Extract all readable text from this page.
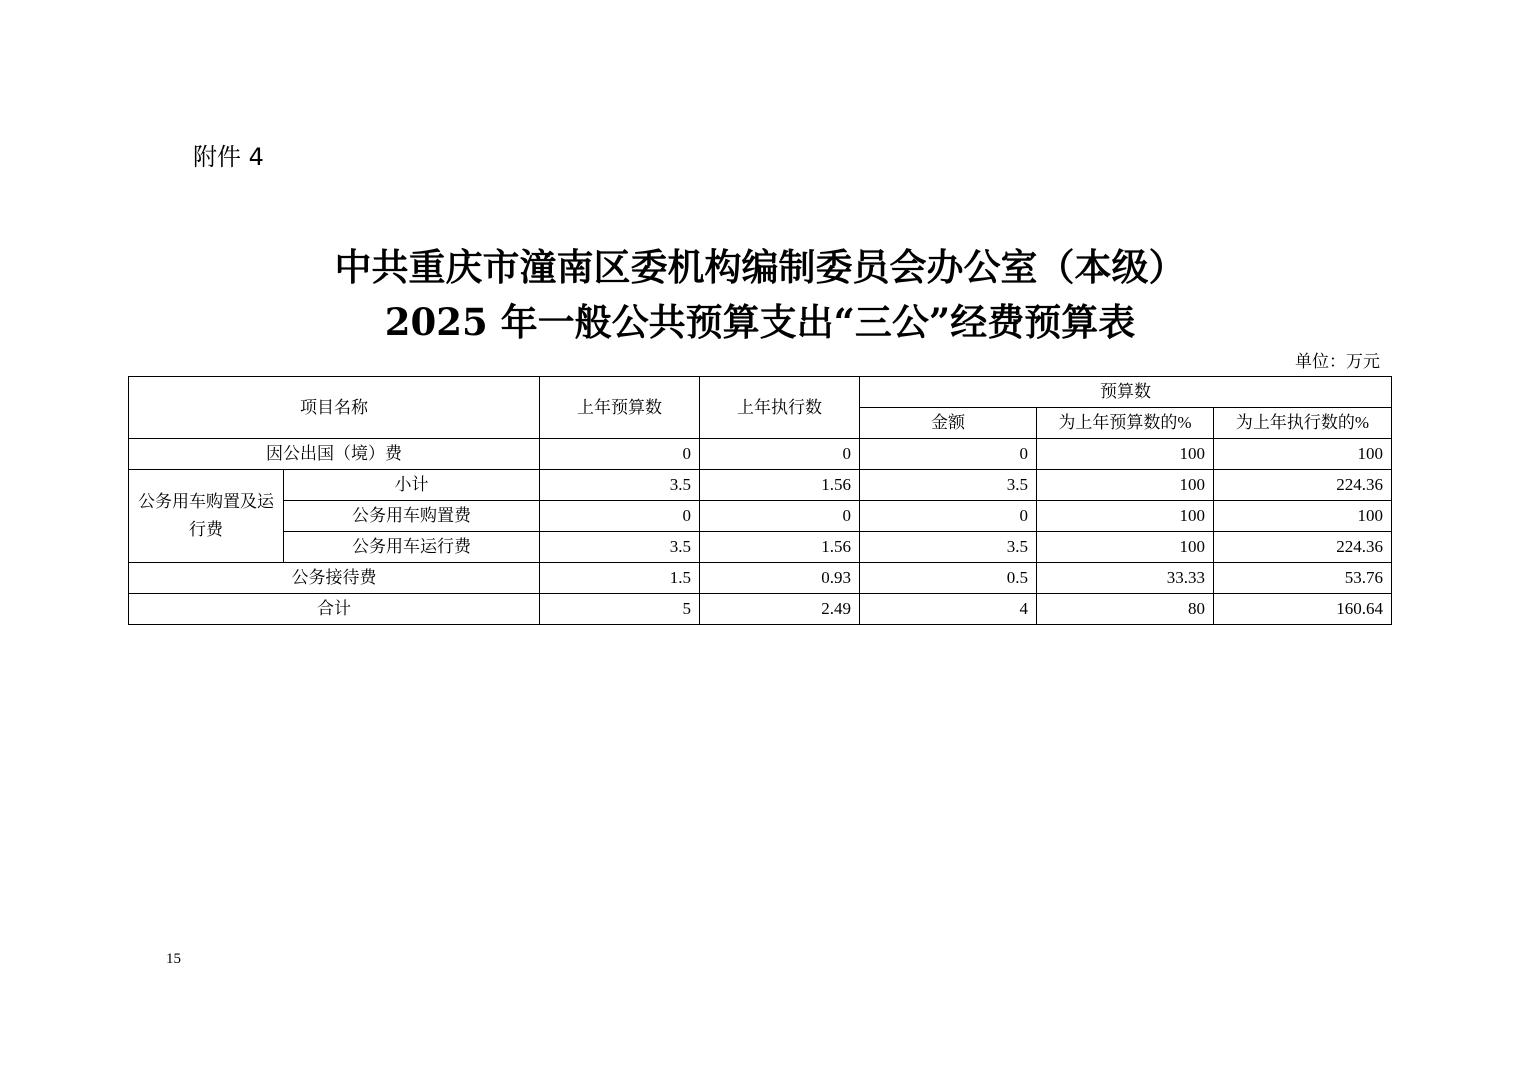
附件 4
中共重庆市潼南区委机构编制委员会办公室（本级）
2025 年一般公共预算支出“三公”经费预算表
单位：万元
项目名称		上年预算数	上年执行数	预算数		
				金额	为上年预算数的%	为上年执行数的%
因公出国（境）费		0	0	0	100	100
公务用车购置及运行费	小计	3.5	1.56	3.5	100	224.36
	公务用车购置费	0	0	0	100	100
	公务用车运行费	3.5	1.56	3.5	100	224.36
公务接待费		1.5	0.93	0.5	33.33	53.76
合计		5	2.49	4	80	160.64
15
